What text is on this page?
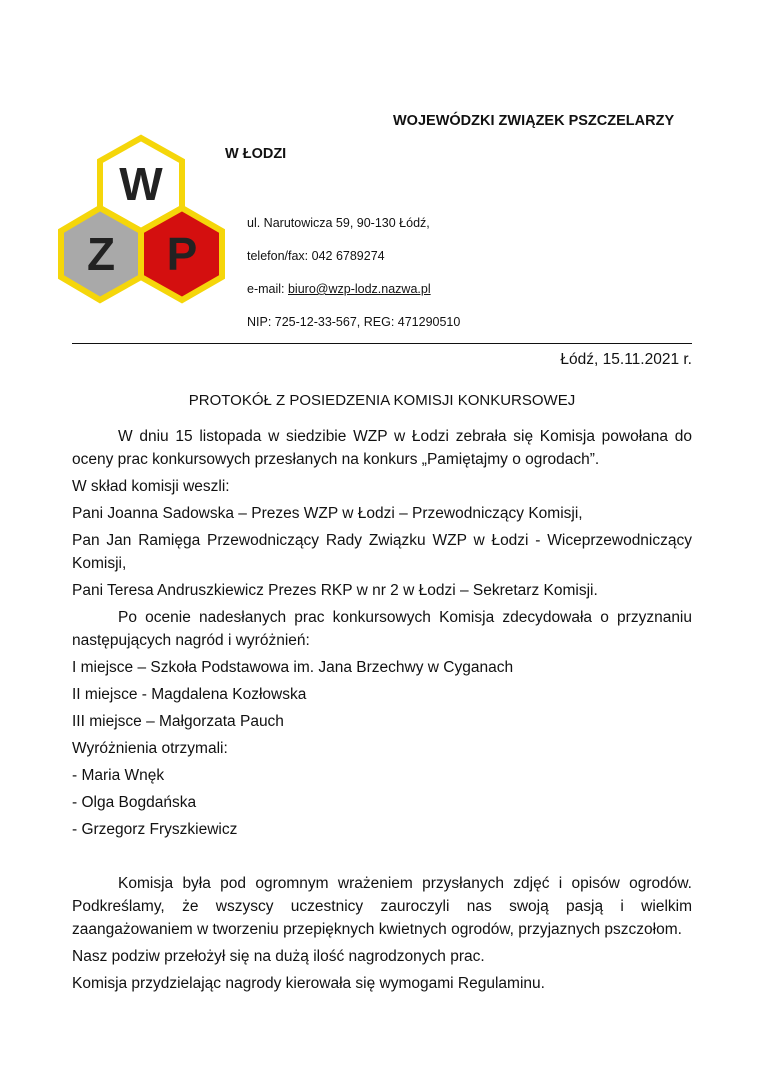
W
Z P
WOJEWÓDZKI ZWIĄZEK PSZCZELARZY
W ŁODZI
ul. Narutowicza 59, 90-130 Łódź,
telefon/fax: 042 6789274
e-mail: biuro@wzp-lodz.nazwa.pl
NIP: 725-12-33-567, REG: 471290510
Łódź, 15.11.2021 r.
PROTOKÓŁ Z POSIEDZENIA KOMISJI KONKURSOWEJ

W dniu 15 listopada w siedzibie WZP w Łodzi zebrała się Komisja powołana do oceny prac konkursowych przesłanych na konkurs „Pamiętajmy o ogrodach”.

W skład komisji weszli:

Pani Joanna Sadowska – Prezes WZP w Łodzi – Przewodniczący Komisji,

Pan Jan Ramięga Przewodniczący Rady Związku WZP w Łodzi - Wiceprzewodniczący Komisji,

Pani Teresa Andruszkiewicz Prezes RKP w nr 2 w Łodzi – Sekretarz Komisji.

Po ocenie nadesłanych prac konkursowych Komisja zdecydowała o przyznaniu następujących nagród i wyróżnień:

I miejsce – Szkoła Podstawowa im. Jana Brzechwy w Cyganach

II miejsce - Magdalena Kozłowska

III miejsce – Małgorzata Pauch

Wyróżnienia otrzymali:

- Maria Wnęk

- Olga Bogdańska

- Grzegorz Fryszkiewicz

Komisja była pod ogromnym wrażeniem przysłanych zdjęć i opisów ogrodów. Podkreślamy, że wszyscy uczestnicy zauroczyli nas swoją pasją i wielkim zaangażowaniem w tworzeniu przepięknych kwietnych ogrodów, przyjaznych pszczołom.

Nasz podziw przełożył się na dużą ilość nagrodzonych prac.

Komisja przydzielając nagrody kierowała się wymogami Regulaminu.
